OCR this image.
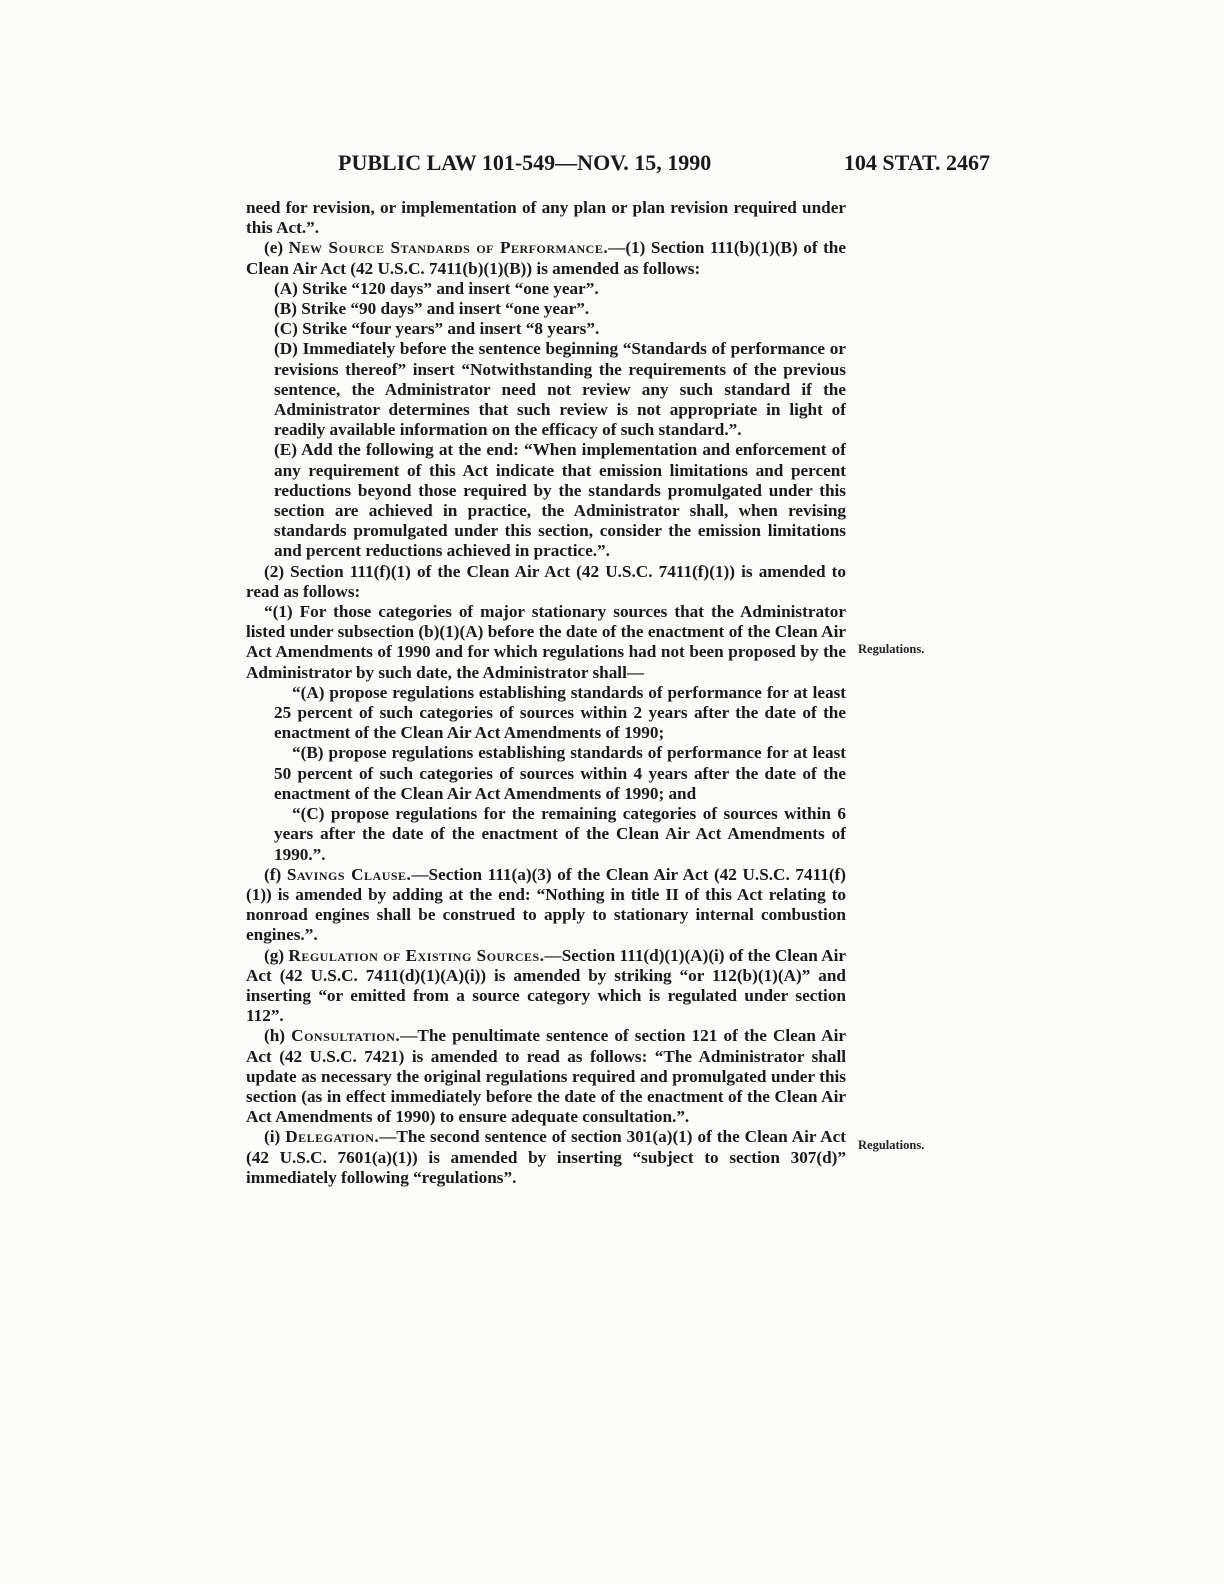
PUBLIC LAW 101-549—NOV. 15, 1990	104 STAT. 2467
Regulations.
Regulations.

need for revision, or implementation of any plan or plan revision required under this Act.”.

(e) New Source Standards of Performance.—(1) Section 111(b)(1)(B) of the Clean Air Act (42 U.S.C. 7411(b)(1)(B)) is amended as follows:

(A) Strike “120 days” and insert “one year”.

(B) Strike “90 days” and insert “one year”.

(C) Strike “four years” and insert “8 years”.

(D) Immediately before the sentence beginning “Standards of performance or revisions thereof” insert “Notwithstanding the requirements of the previous sentence, the Administrator need not review any such standard if the Administrator determines that such review is not appropriate in light of readily available information on the efficacy of such standard.”.

(E) Add the following at the end: “When implementation and enforcement of any requirement of this Act indicate that emission limitations and percent reductions beyond those required by the standards promulgated under this section are achieved in practice, the Administrator shall, when revising standards promulgated under this section, consider the emission limitations and percent reductions achieved in practice.”.

(2) Section 111(f)(1) of the Clean Air Act (42 U.S.C. 7411(f)(1)) is amended to read as follows:

“(1) For those categories of major stationary sources that the Administrator listed under subsection (b)(1)(A) before the date of the enactment of the Clean Air Act Amendments of 1990 and for which regulations had not been proposed by the Administrator by such date, the Administrator shall—

“(A) propose regulations establishing standards of performance for at least 25 percent of such categories of sources within 2 years after the date of the enactment of the Clean Air Act Amendments of 1990;

“(B) propose regulations establishing standards of performance for at least 50 percent of such categories of sources within 4 years after the date of the enactment of the Clean Air Act Amendments of 1990; and

“(C) propose regulations for the remaining categories of sources within 6 years after the date of the enactment of the Clean Air Act Amendments of 1990.”.

(f) Savings Clause.—Section 111(a)(3) of the Clean Air Act (42 U.S.C. 7411(f)(1)) is amended by adding at the end: “Nothing in title II of this Act relating to nonroad engines shall be construed to apply to stationary internal combustion engines.”.

(g) Regulation of Existing Sources.—Section 111(d)(1)(A)(i) of the Clean Air Act (42 U.S.C. 7411(d)(1)(A)(i)) is amended by striking “or 112(b)(1)(A)” and inserting “or emitted from a source category which is regulated under section 112”.

(h) Consultation.—The penultimate sentence of section 121 of the Clean Air Act (42 U.S.C. 7421) is amended to read as follows: “The Administrator shall update as necessary the original regulations required and promulgated under this section (as in effect immediately before the date of the enactment of the Clean Air Act Amendments of 1990) to ensure adequate consultation.”.

(i) Delegation.—The second sentence of section 301(a)(1) of the Clean Air Act (42 U.S.C. 7601(a)(1)) is amended by inserting “subject to section 307(d)” immediately following “regulations”.
